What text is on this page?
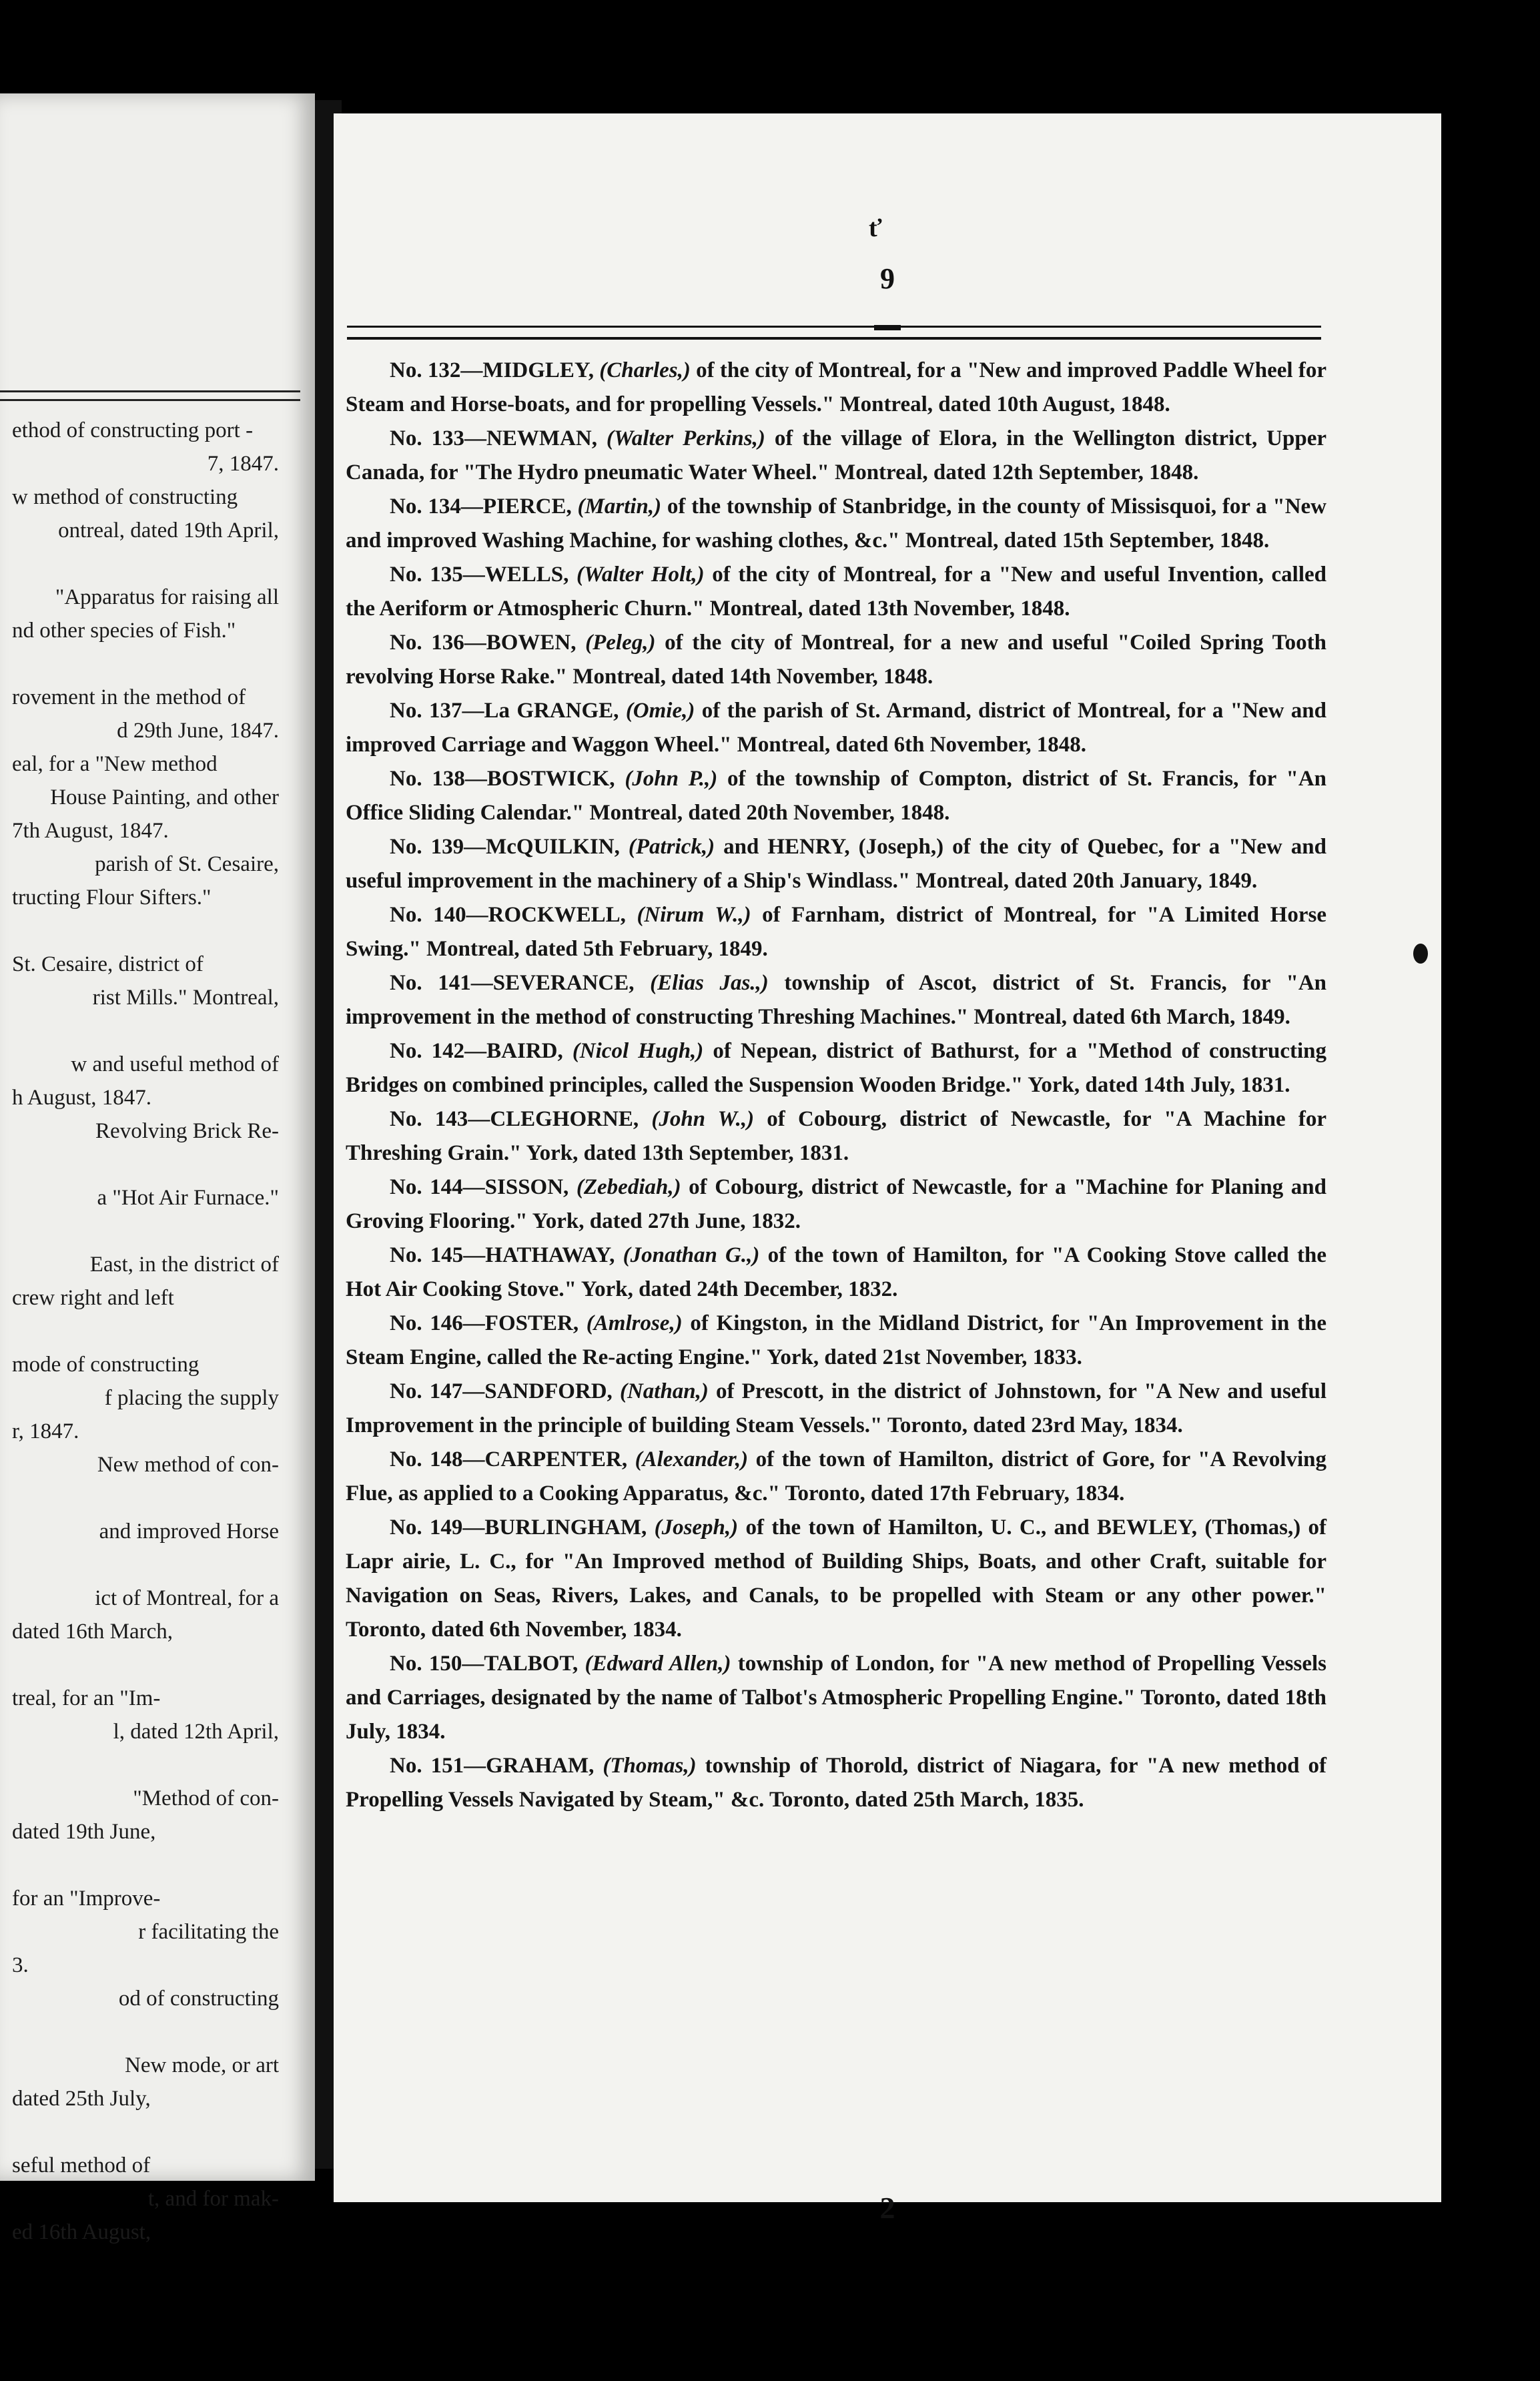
ethod of constructing port -
7, 1847.
w method of constructing
ontreal, dated 19th April,

"Apparatus for raising all
nd other species of Fish."

rovement in the method of
d 29th June, 1847.
eal, for a "New method
House Painting, and other
7th August, 1847.
parish of St. Cesaire,
tructing Flour Sifters."

St. Cesaire, district of
rist Mills." Montreal,

w and useful method of
h August, 1847.
Revolving Brick Re-

a "Hot Air Furnace."

East, in the district of
crew right and left

mode of constructing
f placing the supply
r, 1847.
New method of con-

and improved Horse

ict of Montreal, for a
dated 16th March,

treal, for an "Im-
l, dated 12th April,

"Method of con-
dated 19th June,

for an "Improve-
r facilitating the
3.
od of constructing

New mode, or art
dated 25th July,

seful method of
t, and for mak-
ed 16th August,
ť
9

No. 132—MIDGLEY, (Charles,) of the city of Montreal, for a "New and improved Paddle Wheel for Steam and Horse-boats, and for propelling Vessels." Montreal, dated 10th August, 1848.

No. 133—NEWMAN, (Walter Perkins,) of the village of Elora, in the Wellington district, Upper Canada, for "The Hydro pneumatic Water Wheel." Montreal, dated 12th September, 1848.

No. 134—PIERCE, (Martin,) of the township of Stanbridge, in the county of Missisquoi, for a "New and improved Washing Machine, for washing clothes, &c." Montreal, dated 15th September, 1848.

No. 135—WELLS, (Walter Holt,) of the city of Montreal, for a "New and useful Invention, called the Aeriform or Atmospheric Churn." Montreal, dated 13th November, 1848.

No. 136—BOWEN, (Peleg,) of the city of Montreal, for a new and useful "Coiled Spring Tooth revolving Horse Rake." Montreal, dated 14th November, 1848.

No. 137—La GRANGE, (Omie,) of the parish of St. Armand, district of Montreal, for a "New and improved Carriage and Waggon Wheel." Montreal, dated 6th November, 1848.

No. 138—BOSTWICK, (John P.,) of the township of Compton, district of St. Francis, for "An Office Sliding Calendar." Montreal, dated 20th November, 1848.

No. 139—McQUILKIN, (Patrick,) and HENRY, (Joseph,) of the city of Quebec, for a "New and useful improvement in the machinery of a Ship's Windlass." Montreal, dated 20th January, 1849.

No. 140—ROCKWELL, (Nirum W.,) of Farnham, district of Montreal, for "A Limited Horse Swing." Montreal, dated 5th February, 1849.

No. 141—SEVERANCE, (Elias Jas.,) township of Ascot, district of St. Francis, for "An improvement in the method of constructing Threshing Machines." Montreal, dated 6th March, 1849.

No. 142—BAIRD, (Nicol Hugh,) of Nepean, district of Bathurst, for a "Method of constructing Bridges on combined principles, called the Suspension Wooden Bridge." York, dated 14th July, 1831.

No. 143—CLEGHORNE, (John W.,) of Cobourg, district of Newcastle, for "A Machine for Threshing Grain." York, dated 13th September, 1831.

No. 144—SISSON, (Zebediah,) of Cobourg, district of Newcastle, for a "Machine for Planing and Groving Flooring." York, dated 27th June, 1832.

No. 145—HATHAWAY, (Jonathan G.,) of the town of Hamilton, for "A Cooking Stove called the Hot Air Cooking Stove." York, dated 24th December, 1832.

No. 146—FOSTER, (Amlrose,) of Kingston, in the Midland District, for "An Improvement in the Steam Engine, called the Re-acting Engine." York, dated 21st November, 1833.

No. 147—SANDFORD, (Nathan,) of Prescott, in the district of Johnstown, for "A New and useful Improvement in the principle of building Steam Vessels." Toronto, dated 23rd May, 1834.

No. 148—CARPENTER, (Alexander,) of the town of Hamilton, district of Gore, for "A Revolving Flue, as applied to a Cooking Apparatus, &c." Toronto, dated 17th February, 1834.

No. 149—BURLINGHAM, (Joseph,) of the town of Hamilton, U. C., and BEWLEY, (Thomas,) of Lapr airie, L. C., for "An Improved method of Building Ships, Boats, and other Craft, suitable for Navigation on Seas, Rivers, Lakes, and Canals, to be propelled with Steam or any other power." Toronto, dated 6th November, 1834.

No. 150—TALBOT, (Edward Allen,) township of London, for "A new method of Propelling Vessels and Carriages, designated by the name of Talbot's Atmospheric Propelling Engine." Toronto, dated 18th July, 1834.

No. 151—GRAHAM, (Thomas,) township of Thorold, district of Niagara, for "A new method of Propelling Vessels Navigated by Steam," &c. Toronto, dated 25th March, 1835.

2
